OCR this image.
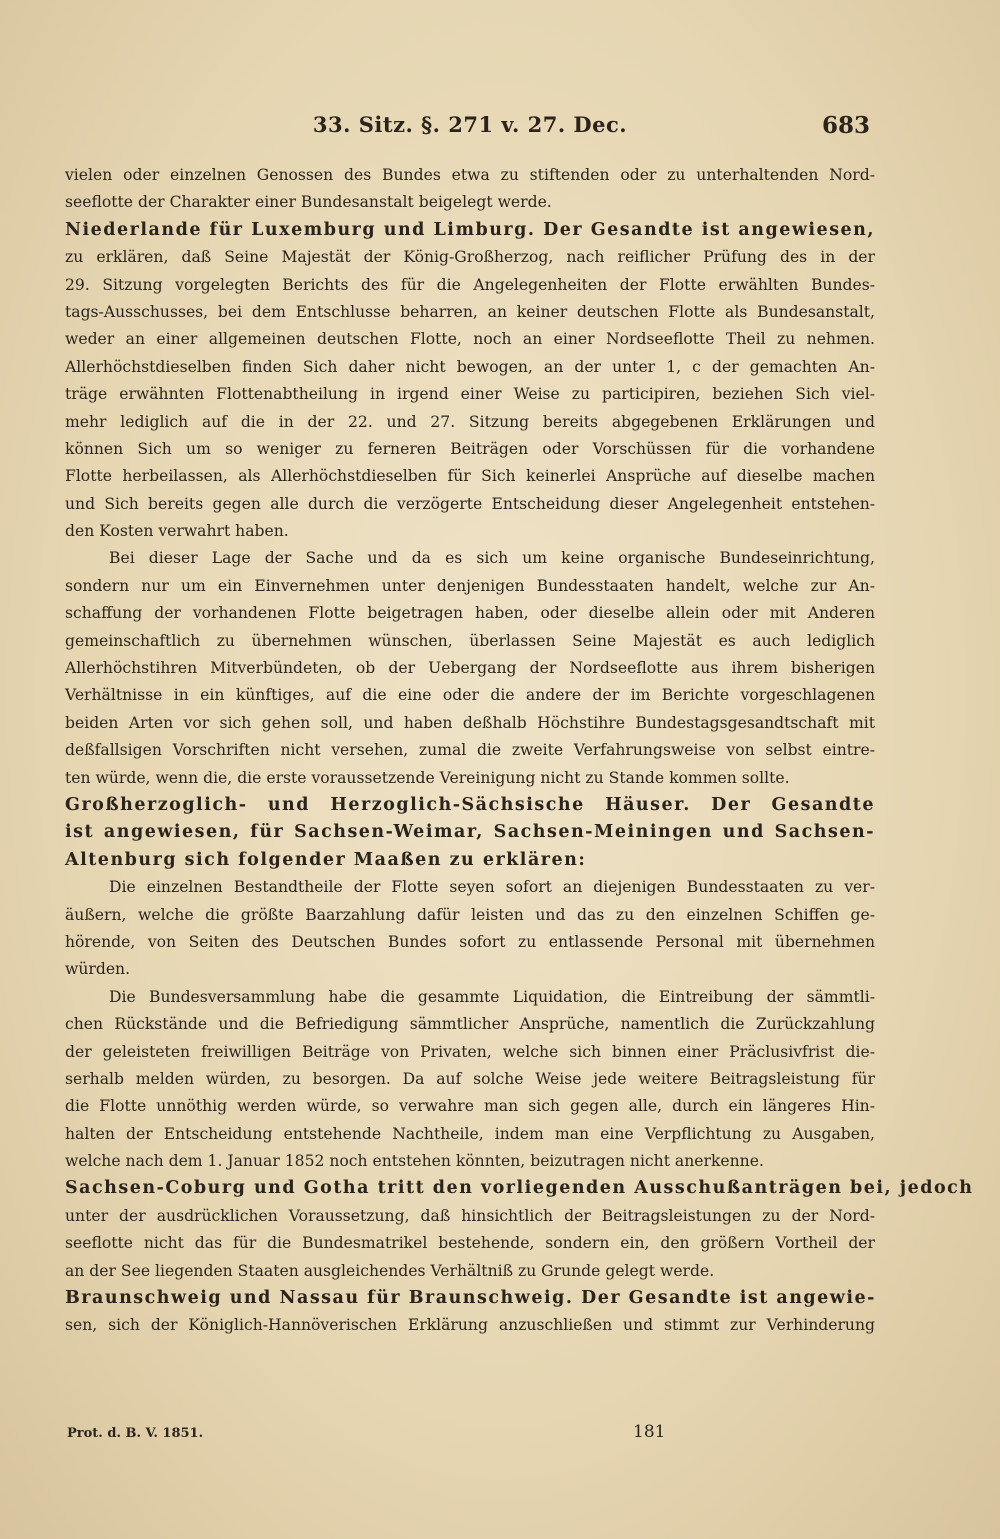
33. Sitz. §. 271 v. 27. Dec.	683
vielen oder einzelnen Genossen des Bundes etwa zu stiftenden oder zu unterhaltenden Nord-
seeflotte der Charakter einer Bundesanstalt beigelegt werde.
Niederlande für Luxemburg und Limburg. Der Gesandte ist angewiesen,
zu erklären, daß Seine Majestät der König-Großherzog, nach reiflicher Prüfung des in der
29. Sitzung vorgelegten Berichts des für die Angelegenheiten der Flotte erwählten Bundes-
tags-Ausschusses, bei dem Entschlusse beharren, an keiner deutschen Flotte als Bundesanstalt,
weder an einer allgemeinen deutschen Flotte, noch an einer Nordseeflotte Theil zu nehmen.
Allerhöchstdieselben finden Sich daher nicht bewogen, an der unter 1, c der gemachten An-
träge erwähnten Flottenabtheilung in irgend einer Weise zu participiren, beziehen Sich viel-
mehr lediglich auf die in der 22. und 27. Sitzung bereits abgegebenen Erklärungen und
können Sich um so weniger zu ferneren Beiträgen oder Vorschüssen für die vorhandene
Flotte herbeilassen, als Allerhöchstdieselben für Sich keinerlei Ansprüche auf dieselbe machen
und Sich bereits gegen alle durch die verzögerte Entscheidung dieser Angelegenheit entstehen-
den Kosten verwahrt haben.
Bei dieser Lage der Sache und da es sich um keine organische Bundeseinrichtung,
sondern nur um ein Einvernehmen unter denjenigen Bundesstaaten handelt, welche zur An-
schaffung der vorhandenen Flotte beigetragen haben, oder dieselbe allein oder mit Anderen
gemeinschaftlich zu übernehmen wünschen, überlassen Seine Majestät es auch lediglich
Allerhöchstihren Mitverbündeten, ob der Uebergang der Nordseeflotte aus ihrem bisherigen
Verhältnisse in ein künftiges, auf die eine oder die andere der im Berichte vorgeschlagenen
beiden Arten vor sich gehen soll, und haben deßhalb Höchstihre Bundestagsgesandtschaft mit
deßfallsigen Vorschriften nicht versehen, zumal die zweite Verfahrungsweise von selbst eintre-
ten würde, wenn die, die erste voraussetzende Vereinigung nicht zu Stande kommen sollte.
Großherzoglich- und Herzoglich-Sächsische Häuser. Der Gesandte
ist angewiesen, für Sachsen-Weimar, Sachsen-Meiningen und Sachsen-
Altenburg sich folgender Maaßen zu erklären:
Die einzelnen Bestandtheile der Flotte seyen sofort an diejenigen Bundesstaaten zu ver-
äußern, welche die größte Baarzahlung dafür leisten und das zu den einzelnen Schiffen ge-
hörende, von Seiten des Deutschen Bundes sofort zu entlassende Personal mit übernehmen
würden.
Die Bundesversammlung habe die gesammte Liquidation, die Eintreibung der sämmtli-
chen Rückstände und die Befriedigung sämmtlicher Ansprüche, namentlich die Zurückzahlung
der geleisteten freiwilligen Beiträge von Privaten, welche sich binnen einer Präclusivfrist die-
serhalb melden würden, zu besorgen. Da auf solche Weise jede weitere Beitragsleistung für
die Flotte unnöthig werden würde, so verwahre man sich gegen alle, durch ein längeres Hin-
halten der Entscheidung entstehende Nachtheile, indem man eine Verpflichtung zu Ausgaben,
welche nach dem 1. Januar 1852 noch entstehen könnten, beizutragen nicht anerkenne.
Sachsen-Coburg und Gotha tritt den vorliegenden Ausschußanträgen bei, jedoch
unter der ausdrücklichen Voraussetzung, daß hinsichtlich der Beitragsleistungen zu der Nord-
seeflotte nicht das für die Bundesmatrikel bestehende, sondern ein, den größern Vortheil der
an der See liegenden Staaten ausgleichendes Verhältniß zu Grunde gelegt werde.
Braunschweig und Nassau für Braunschweig. Der Gesandte ist angewie-
sen, sich der Königlich-Hannöverischen Erklärung anzuschließen und stimmt zur Verhinderung
Prot. d. B. V. 1851.	181
